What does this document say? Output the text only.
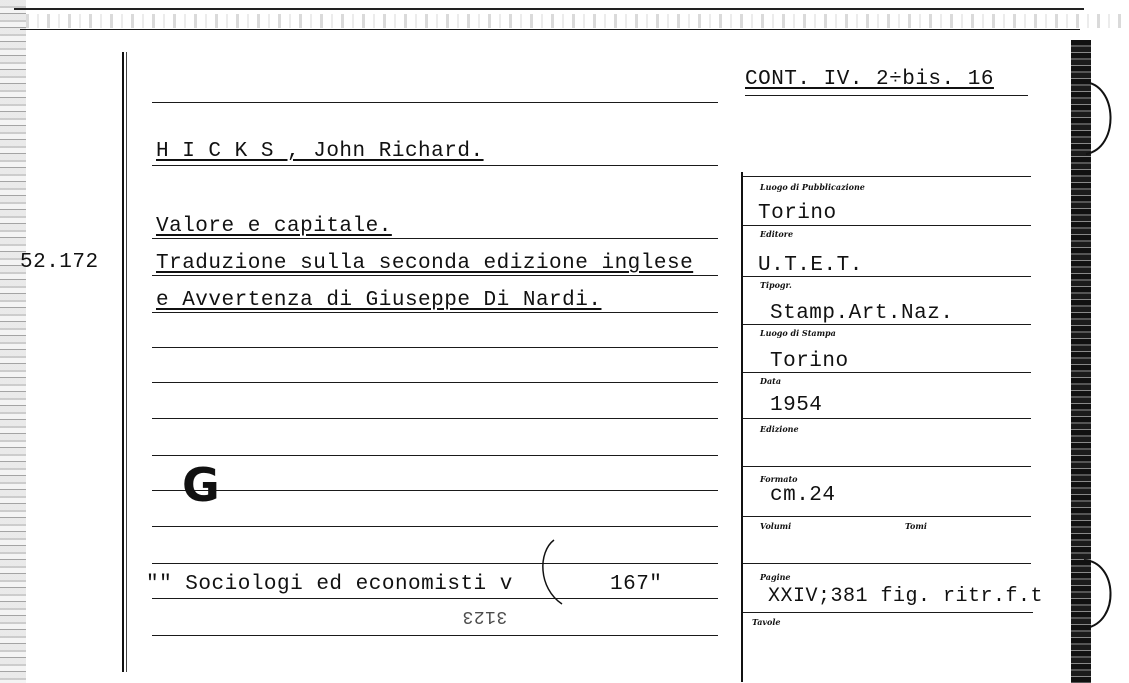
52.172
CONT. IV. 2÷bis. 16
H I C K S , John Richard.
Valore e capitale.
Traduzione sulla seconda edizione inglese
e Avvertenza di Giuseppe Di Nardi.
G
"" Sociologi ed economisti v	167"
3123
Luogo di Pubblicazione
Torino
Editore
U.T.E.T.
Tipogr.
Stamp.Art.Naz.
Luogo di Stampa
Torino
Data
1954
Edizione
Formato
cm.24
Volumi	Tomi
Pagine
XXIV;381 fig. ritr.f.t
Tavole
